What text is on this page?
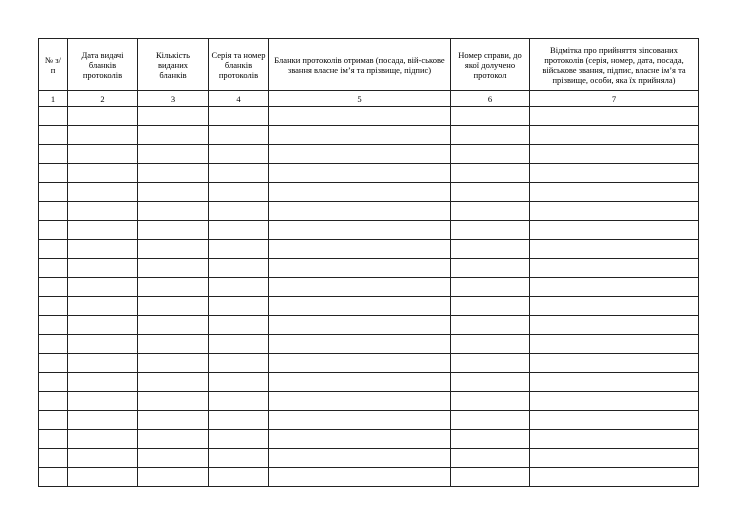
№ з/п	Дата видачі бланків протоколів	Кількість виданих бланків	Серія та номер бланків протоколів	Бланки протоколів отримав (посада, вій-ськове звання власне ім’я та прізвище, підпис)	Номер справи, до якої долучено протокол	Відмітка про прийняття зіпсованих протоколів (серія, номер, дата, посада, військове звання, підпис, власне ім’я та прізвище, особи, яка їх прийняла)

1	2	3	4	5	6	7
